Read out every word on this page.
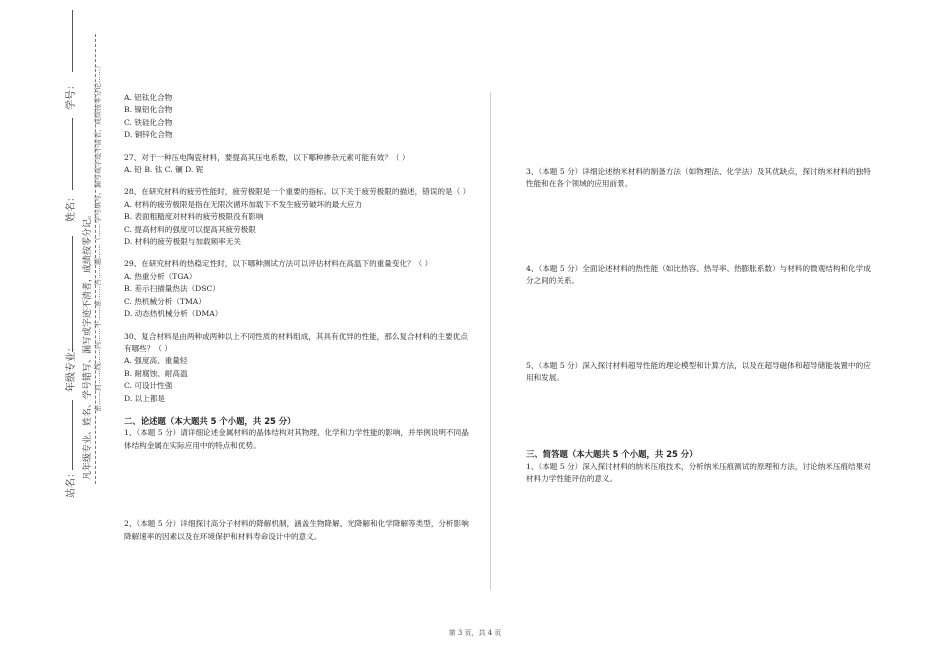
学号：
姓名：
年级专业：
站名：
凡年级专业、姓名、学号错写、漏写或字迹不清者，成绩按零分记。 密……封……线……内……不……准……答……题……（……学号填写、漏写或字迹不清者，成绩按零分记……）	A. 铝钛化合物

B. 镍铝化合物

C. 铁硅化合物

D. 铜锌化合物

27、对于一种压电陶瓷材料，要提高其压电系数，以下哪种掺杂元素可能有效？（ ）

A. 铅 B. 钛 C. 镧 D. 铌

28、在研究材料的疲劳性能时，疲劳极限是一个重要的指标。以下关于疲劳极限的描述，错误的是（ ）

A. 材料的疲劳极限是指在无限次循环加载下不发生疲劳破坏的最大应力

B. 表面粗糙度对材料的疲劳极限没有影响

C. 提高材料的强度可以提高其疲劳极限

D. 材料的疲劳极限与加载频率无关

29、在研究材料的热稳定性时，以下哪种测试方法可以评估材料在高温下的重量变化？（ ）

A. 热重分析（TGA）

B. 差示扫描量热法（DSC）

C. 热机械分析（TMA）

D. 动态热机械分析（DMA）

30、复合材料是由两种或两种以上不同性质的材料组成，其具有优异的性能，那么复合材料的主要优点有哪些？（ ）

A. 强度高、重量轻

B. 耐腐蚀、耐高温

C. 可设计性强

D. 以上都是

二、论述题（本大题共 5 个小题，共 25 分）

1、（本题 5 分）请详细论述金属材料的晶体结构对其物理、化学和力学性能的影响，并举例说明不同晶体结构金属在实际应用中的特点和优势。

2、（本题 5 分）详细探讨高分子材料的降解机制，涵盖生物降解、光降解和化学降解等类型，分析影响降解速率的因素以及在环境保护和材料寿命设计中的意义。

3、（本题 5 分）详细论述纳米材料的制备方法（如物理法、化学法）及其优缺点，探讨纳米材料的独特性能和在各个领域的应用前景。

4、（本题 5 分）全面论述材料的热性能（如比热容、热导率、热膨胀系数）与材料的微观结构和化学成分之间的关系。

5、（本题 5 分）深入探讨材料超导性能的理论模型和计算方法，以及在超导磁体和超导储能装置中的应用和发展。

三、简答题（本大题共 5 个小题，共 25 分）

1、（本题 5 分）深入探讨材料的纳米压痕技术，分析纳米压痕测试的原理和方法，讨论纳米压痕结果对材料力学性能评估的意义。

第 3 页，共 4 页
